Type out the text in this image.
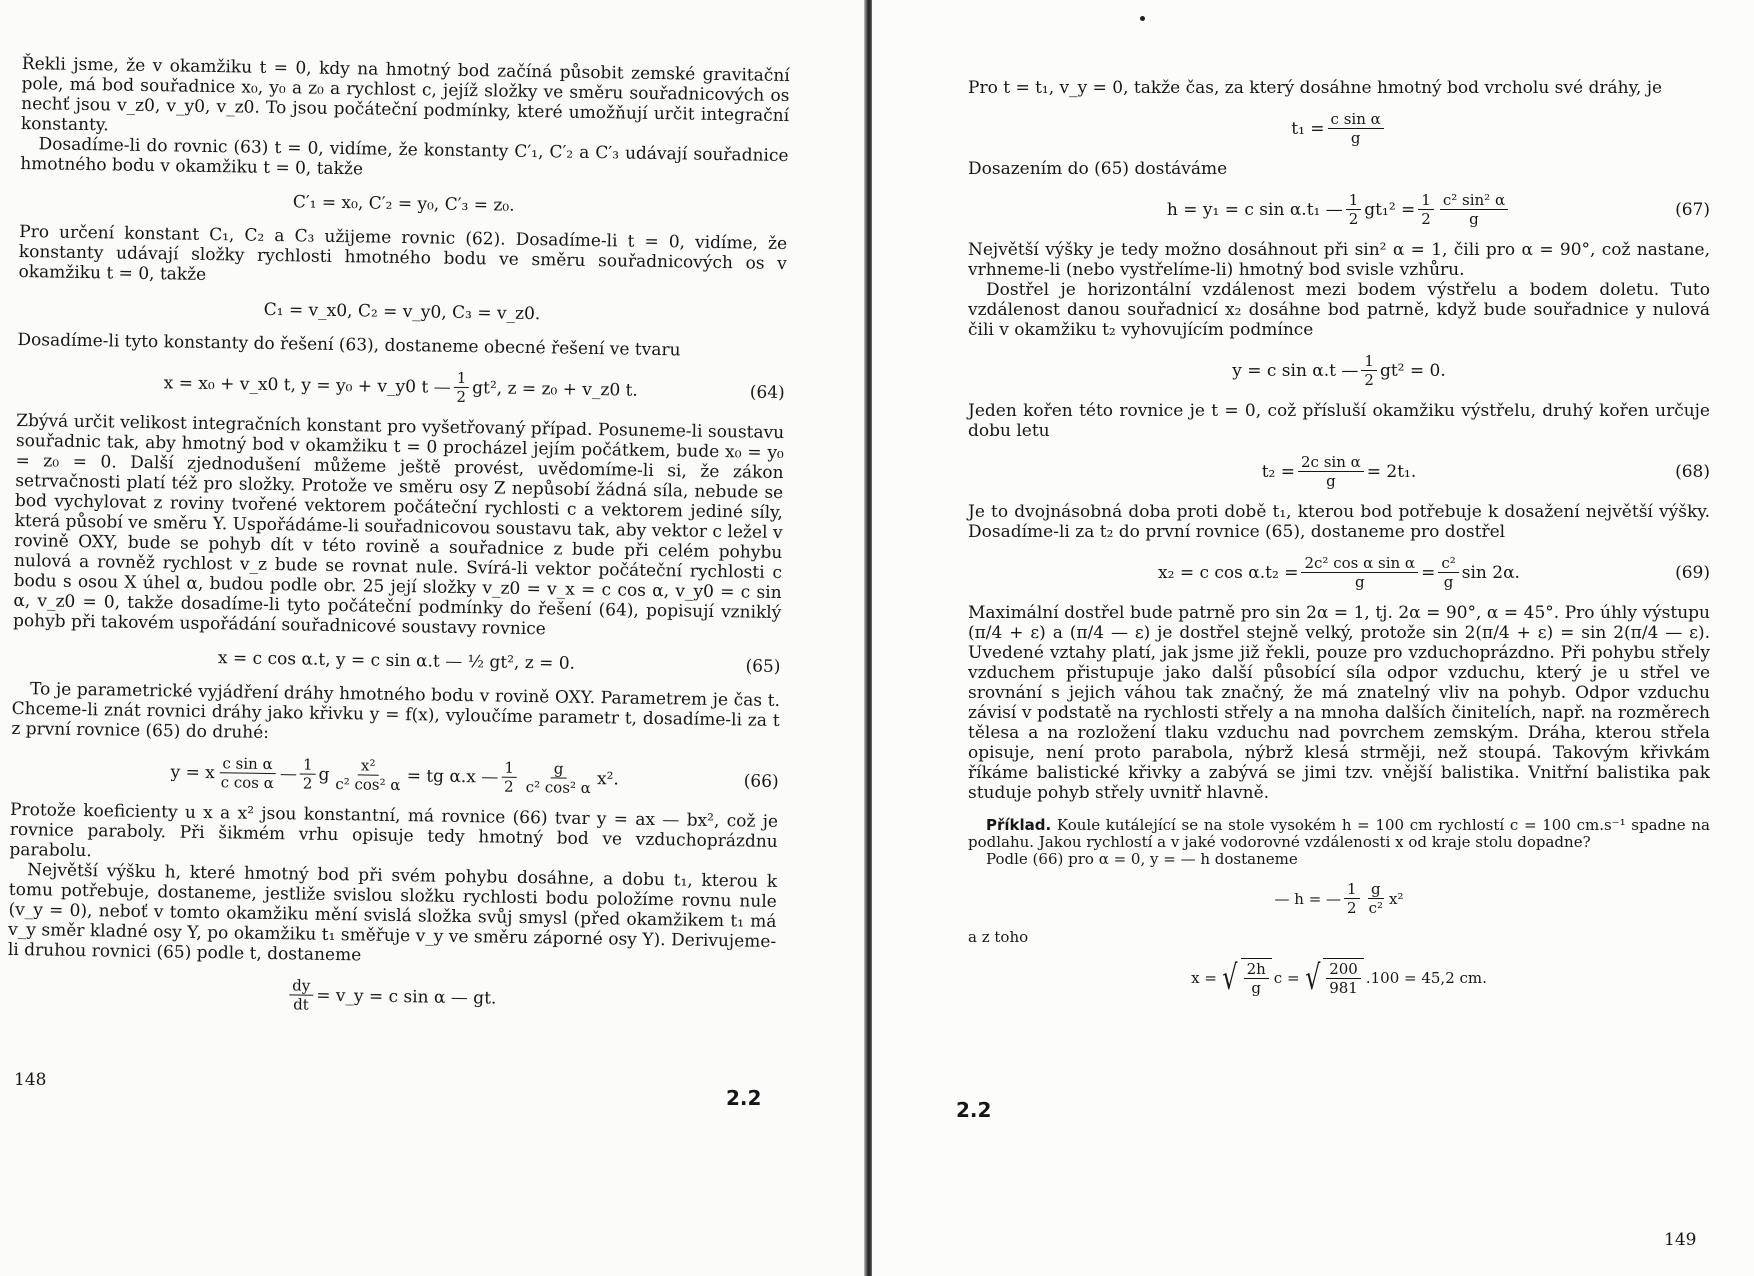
Řekli jsme, že v okamžiku t = 0, kdy na hmotný bod začíná působit zemské gravitační pole, má bod souřadnice x₀, y₀ a z₀ a rychlost c, jejíž složky ve směru souřadnicových os nechť jsou v_z0, v_y0, v_z0. To jsou počáteční podmínky, které umožňují určit integrační konstanty.

Dosadíme-li do rovnic (63) t = 0, vidíme, že konstanty C′₁, C′₂ a C′₃ udávají souřadnice hmotného bodu v okamžiku t = 0, takže

C′₁ = x₀, C′₂ = y₀, C′₃ = z₀.

Pro určení konstant C₁, C₂ a C₃ užijeme rovnic (62). Dosadíme-li t = 0, vidíme, že konstanty udávají složky rychlosti hmotného bodu ve směru souřadnicových os v okamžiku t = 0, takže

C₁ = v_x0, C₂ = v_y0, C₃ = v_z0.

Dosadíme-li tyto konstanty do řešení (63), dostaneme obecné řešení ve tvaru

x = x₀ + v_x0 t, y = y₀ + v_y0 t — $\frac{1}{2} gt^2$, z = z₀ + v_z0 t.	(64)

Zbývá určit velikost integračních konstant pro vyšetřovaný případ. Posuneme-li soustavu souřadnic tak, aby hmotný bod v okamžiku t = 0 procházel jejím počátkem, bude x₀ = y₀ = z₀ = 0. Další zjednodušení můžeme ještě provést, uvědomíme-li si, že zákon setrvačnosti platí též pro složky. Protože ve směru osy Z nepůsobí žádná síla, nebude se bod vychylovat z roviny tvořené vektorem počáteční rychlosti c a vektorem jediné síly, která působí ve směru Y. Uspořádáme-li souřadnicovou soustavu tak, aby vektor c ležel v rovině OXY, bude se pohyb dít v této rovině a souřadnice z bude při celém pohybu nulová a rovněž rychlost v_z bude se rovnat nule. Svírá-li vektor počáteční rychlosti c bodu s osou X úhel α, budou podle obr. 25 její složky v_z0 = v_x = c cos α, v_y0 = c sin α, v_z0 = 0, takže dosadíme-li tyto počáteční podmínky do řešení (64), popisují vzniklý pohyb při takovém uspořádání souřadnicové soustavy rovnice

x = c cos α.t, y = c sin α.t — ½ gt², z = 0.	(65)

To je parametrické vyjádření dráhy hmotného bodu v rovině OXY. Parametrem je čas t. Chceme-li znát rovnici dráhy jako křivku y = f(x), vyloučíme parametr t, dosadíme-li za t z první rovnice (65) do druhé:

y = x $\frac{\text{c sin α}}{\text{c cos α}}$ — $\frac{1}{2}$ g $\frac{\text{x²}}{\text{c² cos² α}}$ = tg α.x — $\frac{1}{2} \frac{g}{\text{c² cos² α}} x^2$.	(66)

Protože koeficienty u x a x² jsou konstantní, má rovnice (66) tvar y = ax — bx², což je rovnice paraboly. Při šikmém vrhu opisuje tedy hmotný bod ve vzduchoprázdnu parabolu.

Největší výšku h, které hmotný bod při svém pohybu dosáhne, a dobu t₁, kterou k tomu potřebuje, dostaneme, jestliže svislou složku rychlosti bodu položíme rovnu nule (v_y = 0), neboť v tomto okamžiku mění svislá složka svůj smysl (před okamžikem t₁ má v_y směr kladné osy Y, po okamžiku t₁ směřuje v_y ve směru záporné osy Y). Derivujeme-li druhou rovnici (65) podle t, dostaneme

$\frac{dy}{dt}$ = v_y = c sin α — gt.
148
2.2

Pro t = t₁, v_y = 0, takže čas, za který dosáhne hmotný bod vrcholu své dráhy, je

$t_1 = \frac{\text{c sin α}}{g}$

Dosazením do (65) dostáváme

h = y₁ = c sin α.t₁ — $\frac{1}{2} gt_1^2 = \frac{1}{2} \frac{\text{c² sin² α}}{g}$	(67)

Největší výšky je tedy možno dosáhnout při sin² α = 1, čili pro α = 90°, což nastane, vrhneme-li (nebo vystřelíme-li) hmotný bod svisle vzhůru.

Dostřel je horizontální vzdálenost mezi bodem výstřelu a bodem doletu. Tuto vzdálenost danou souřadnicí x₂ dosáhne bod patrně, když bude souřadnice y nulová čili v okamžiku t₂ vyhovujícím podmínce

y = c sin α.t — $\frac{1}{2} gt^2 = 0$.

Jeden kořen této rovnice je t = 0, což přísluší okamžiku výstřelu, druhý kořen určuje dobu letu

$t_2 = \frac{\text{2c sin α}}{g} = 2t_1$.	(68)

Je to dvojnásobná doba proti době t₁, kterou bod potřebuje k dosažení největší výšky. Dosadíme-li za t₂ do první rovnice (65), dostaneme pro dostřel

x₂ = c $\cos \alpha.t_2 = \frac{\text{2c² cos α sin α}}{g} = \frac{\text{c²}}{g}$ sin 2α.	(69)

Maximální dostřel bude patrně pro sin 2α = 1, tj. 2α = 90°, α = 45°. Pro úhly výstupu (π/4 + ε) a (π/4 — ε) je dostřel stejně velký, protože sin 2(π/4 + ε) = sin 2(π/4 — ε). Uvedené vztahy platí, jak jsme již řekli, pouze pro vzduchoprázdno. Při pohybu střely vzduchem přistupuje jako další působící síla odpor vzduchu, který je u střel ve srovnání s jejich váhou tak značný, že má znatelný vliv na pohyb. Odpor vzduchu závisí v podstatě na rychlosti střely a na mnoha dalších činitelích, např. na rozměrech tělesa a na rozložení tlaku vzduchu nad povrchem zemským. Dráha, kterou střela opisuje, není proto parabola, nýbrž klesá strměji, než stoupá. Takovým křivkám říkáme balistické křivky a zabývá se jimi tzv. vnější balistika. Vnitřní balistika pak studuje pohyb střely uvnitř hlavně.

Příklad. Koule kutálející se na stole vysokém h = 100 cm rychlostí c = 100 cm.s⁻¹ spadne na podlahu. Jakou rychlostí a v jaké vodorovné vzdálenosti x od kraje stolu dopadne?

Podle (66) pro α = 0, y = — h dostaneme

— h = — $\frac{1}{2} \frac{g}{\text{c²}} x^2$

a z toho

x = √ $\frac{2h}{g}$ c = √ $\frac{200}{981} .100 = 45,2$ cm.
2.2
149
